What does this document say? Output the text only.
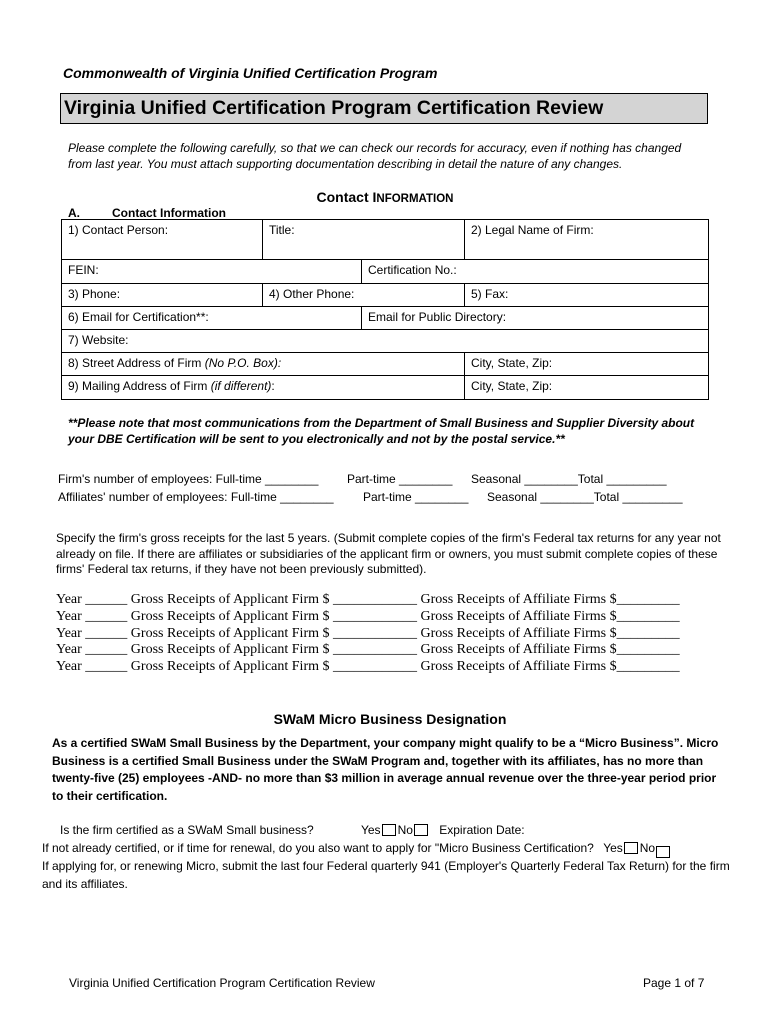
Commonwealth of Virginia Unified Certification Program
Virginia Unified Certification Program Certification Review
Please complete the following carefully, so that we can check our records for accuracy, even if nothing has changed from last year. You must attach supporting documentation describing in detail the nature of any changes.
Contact INFORMATION
A.	Contact Information
1) Contact Person:	Title:		2) Legal Name of Firm:
FEIN:		Certification No.:	
3) Phone:	4) Other Phone:		5) Fax:
6) Email for Certification**:		Email for Public Directory:	
7) Website:			
8) Street Address of Firm (No P.O. Box):			City, State, Zip:
9) Mailing Address of Firm (if different):			City, State, Zip:
**Please note that most communications from the Department of Small Business and Supplier Diversity about your DBE Certification will be sent to you electronically and not by the postal service.**
Firm's number of employees: Full-time ________ Part-time ________ Seasonal ________Total _________
Affiliates' number of employees: Full-time ________ Part-time ________ Seasonal ________Total _________
Specify the firm's gross receipts for the last 5 years. (Submit complete copies of the firm's Federal tax returns for any year not already on file. If there are affiliates or subsidiaries of the applicant firm or owners, you must submit complete copies of these firms' Federal tax returns, if they have not been previously submitted).
Year ______ Gross Receipts of Applicant Firm $ ____________ Gross Receipts of Affiliate Firms $_________
Year ______ Gross Receipts of Applicant Firm $ ____________ Gross Receipts of Affiliate Firms $_________
Year ______ Gross Receipts of Applicant Firm $ ____________ Gross Receipts of Affiliate Firms $_________
Year ______ Gross Receipts of Applicant Firm $ ____________ Gross Receipts of Affiliate Firms $_________
Year ______ Gross Receipts of Applicant Firm $ ____________ Gross Receipts of Affiliate Firms $_________
SWaM Micro Business Designation
As a certified SWaM Small Business by the Department, your company might qualify to be a “Micro Business”. Micro Business is a certified Small Business under the SWaM Program and, together with its affiliates, has no more than twenty-five (25) employees -AND- no more than $3 million in average annual revenue over the three-year period prior to their certification.
Is the firm certified as a SWaM Small business?	Yes No Expiration Date:
If not already certified, or if time for renewal, do you also want to apply for "Micro Business Certification? Yes No
If applying for, or renewing Micro, submit the last four Federal quarterly 941 (Employer's Quarterly Federal Tax Return) for the firm and its affiliates.
Virginia Unified Certification Program Certification Review	Page 1 of 7
